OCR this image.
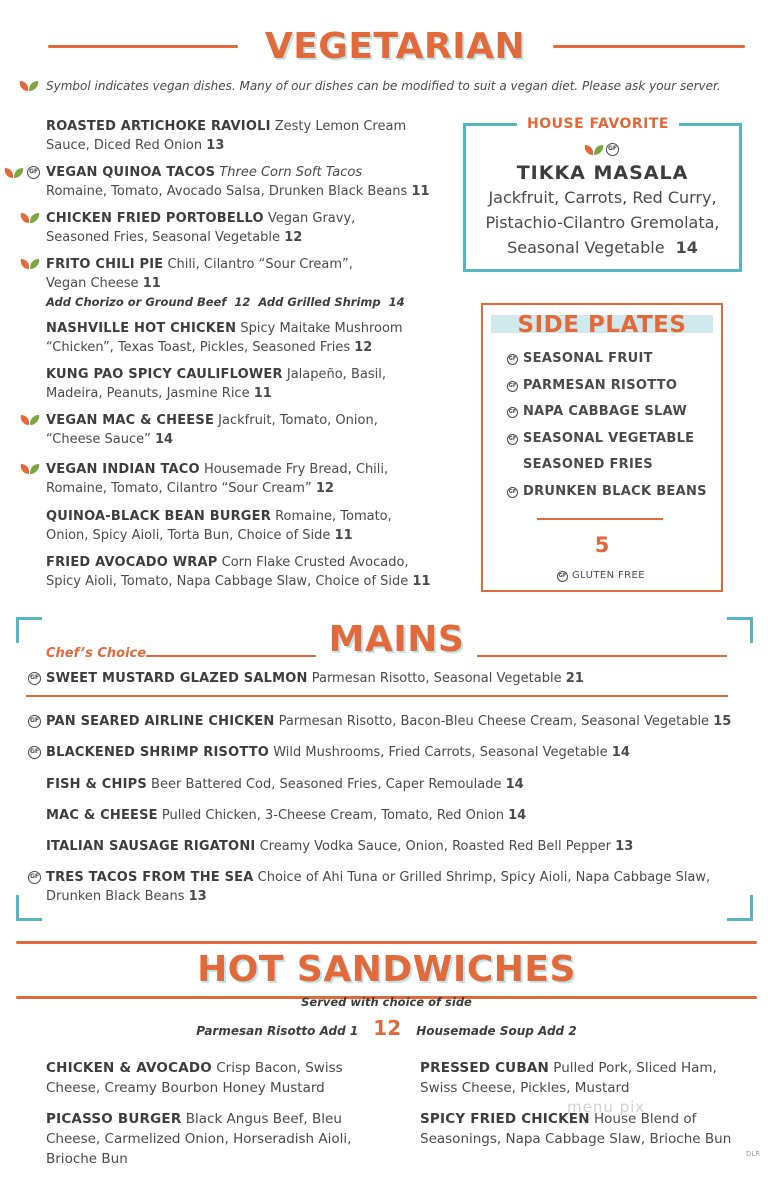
VEGETARIAN
Symbol indicates vegan dishes. Many of our dishes can be modified to suit a vegan diet. Please ask your server.
HOUSE FAVORITE
GF
TIKKA MASALA
Jackfruit, Carrots, Red Curry,
Pistachio-Cilantro Gremolata,
Seasonal Vegetable 14
SIDE PLATES
5
GF GLUTEN FREE
MAINS
Chef’s Choice
HOT SANDWICHES
Served with choice of side
Parmesan Risotto Add 1 12 Housemade Soup Add 2
menu pix
DLR
ROASTED ARTICHOKE RAVIOLI Zesty Lemon Cream
Sauce, Diced Red Onion 13
GF VEGAN QUINOA TACOS Three Corn Soft Tacos
Romaine, Tomato, Avocado Salsa, Drunken Black Beans 11
CHICKEN FRIED PORTOBELLO Vegan Gravy,
Seasoned Fries, Seasonal Vegetable 12
FRITO CHILI PIE Chili, Cilantro “Sour Cream”,
Vegan Cheese 11
Add Chorizo or Ground Beef  12  Add Grilled Shrimp  14
NASHVILLE HOT CHICKEN Spicy Maitake Mushroom
“Chicken”, Texas Toast, Pickles, Seasoned Fries 12
KUNG PAO SPICY CAULIFLOWER Jalapeño, Basil,
Madeira, Peanuts, Jasmine Rice 11
VEGAN MAC & CHEESE Jackfruit, Tomato, Onion,
“Cheese Sauce” 14
VEGAN INDIAN TACO Housemade Fry Bread, Chili,
Romaine, Tomato, Cilantro “Sour Cream” 12
QUINOA-BLACK BEAN BURGER Romaine, Tomato,
Onion, Spicy Aioli, Torta Bun, Choice of Side 11
FRIED AVOCADO WRAP Corn Flake Crusted Avocado,
Spicy Aioli, Tomato, Napa Cabbage Slaw, Choice of Side 11
GF SEASONAL FRUIT
GF PARMESAN RISOTTO
GF NAPA CABBAGE SLAW
GF SEASONAL VEGETABLE
SEASONED FRIES
GF DRUNKEN BLACK BEANS
GF SWEET MUSTARD GLAZED SALMON Parmesan Risotto, Seasonal Vegetable 21
GF PAN SEARED AIRLINE CHICKEN Parmesan Risotto, Bacon-Bleu Cheese Cream, Seasonal Vegetable 15
GF BLACKENED SHRIMP RISOTTO Wild Mushrooms, Fried Carrots, Seasonal Vegetable 14
FISH & CHIPS Beer Battered Cod, Seasoned Fries, Caper Remoulade 14
MAC & CHEESE Pulled Chicken, 3-Cheese Cream, Tomato, Red Onion 14
ITALIAN SAUSAGE RIGATONI Creamy Vodka Sauce, Onion, Roasted Red Bell Pepper 13
GF TRES TACOS FROM THE SEA Choice of Ahi Tuna or Grilled Shrimp, Spicy Aioli, Napa Cabbage Slaw,
Drunken Black Beans 13
CHICKEN & AVOCADO Crisp Bacon, Swiss
Cheese, Creamy Bourbon Honey Mustard
PRESSED CUBAN Pulled Pork, Sliced Ham,
Swiss Cheese, Pickles, Mustard
PICASSO BURGER Black Angus Beef, Bleu
Cheese, Carmelized Onion, Horseradish Aioli,
Brioche Bun
SPICY FRIED CHICKEN House Blend of
Seasonings, Napa Cabbage Slaw, Brioche Bun
